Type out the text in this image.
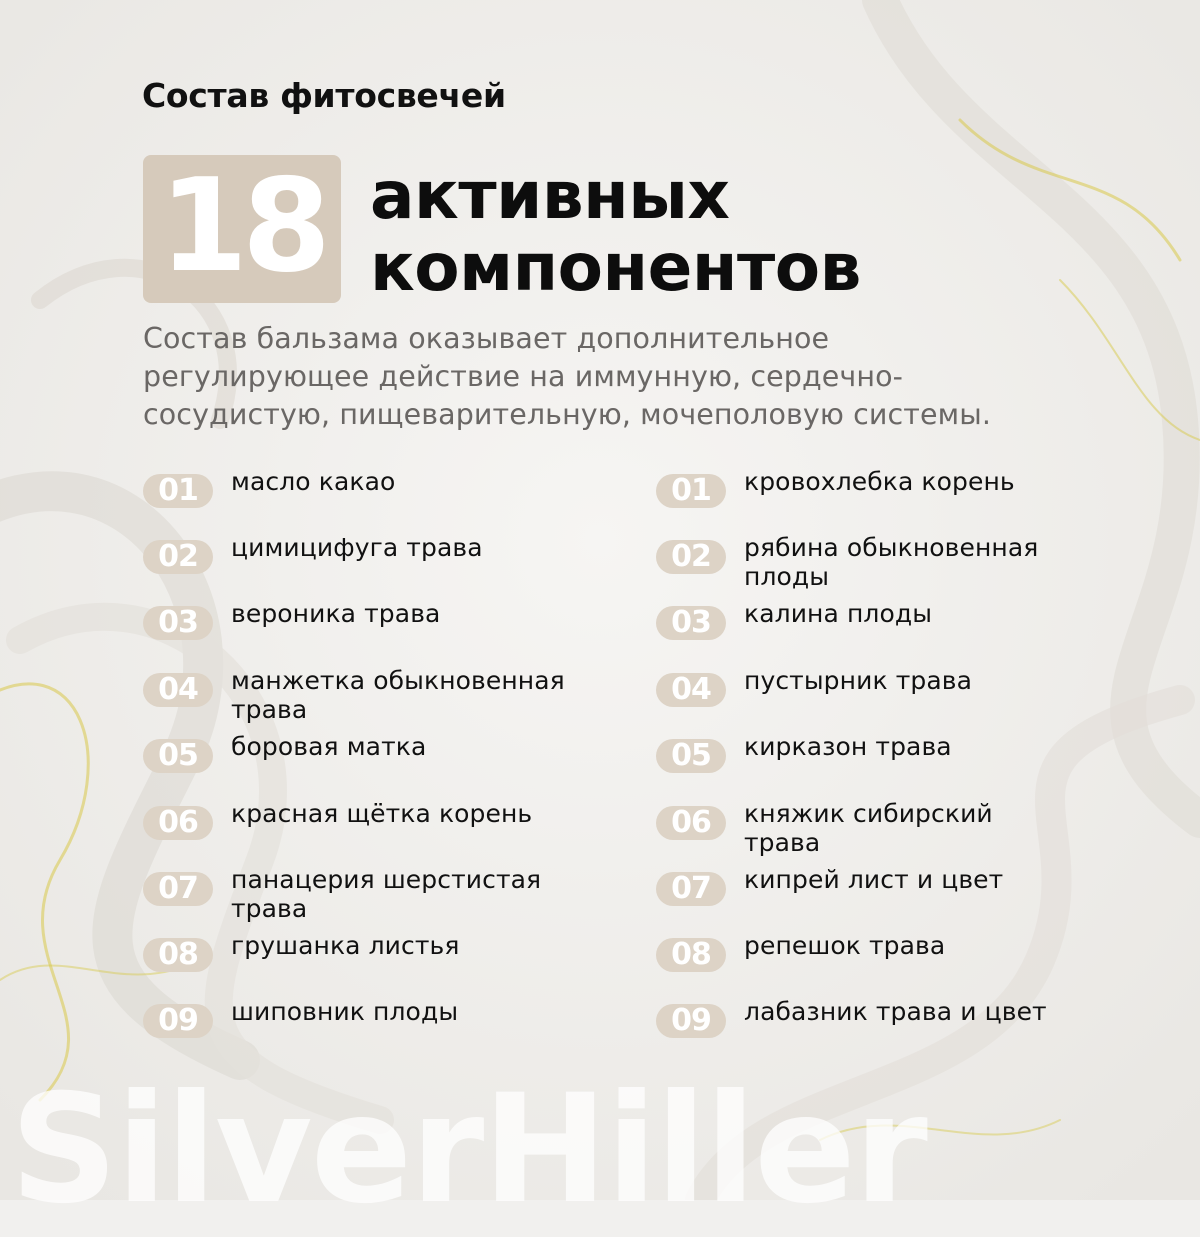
SilverHiller
Состав фитосвечей
18 активных
компонентов
Состав бальзама оказывает дополнительное
регулирующее действие на иммунную, сердечно-
сосудистую, пищеварительную, мочеполовую системы.
01	масло какао
02	цимицифуга трава
03	вероника трава
04	манжетка обыкновенная
трава
05	боровая матка
06	красная щётка корень
07	панацерия шерстистая
трава
08	грушанка листья
09	шиповник плоды
01	кровохлебка корень
02	рябина обыкновенная
плоды
03	калина плоды
04	пустырник трава
05	кирказон трава
06	княжик сибирский
трава
07	кипрей лист и цвет
08	репешок трава
09	лабазник трава и цвет
